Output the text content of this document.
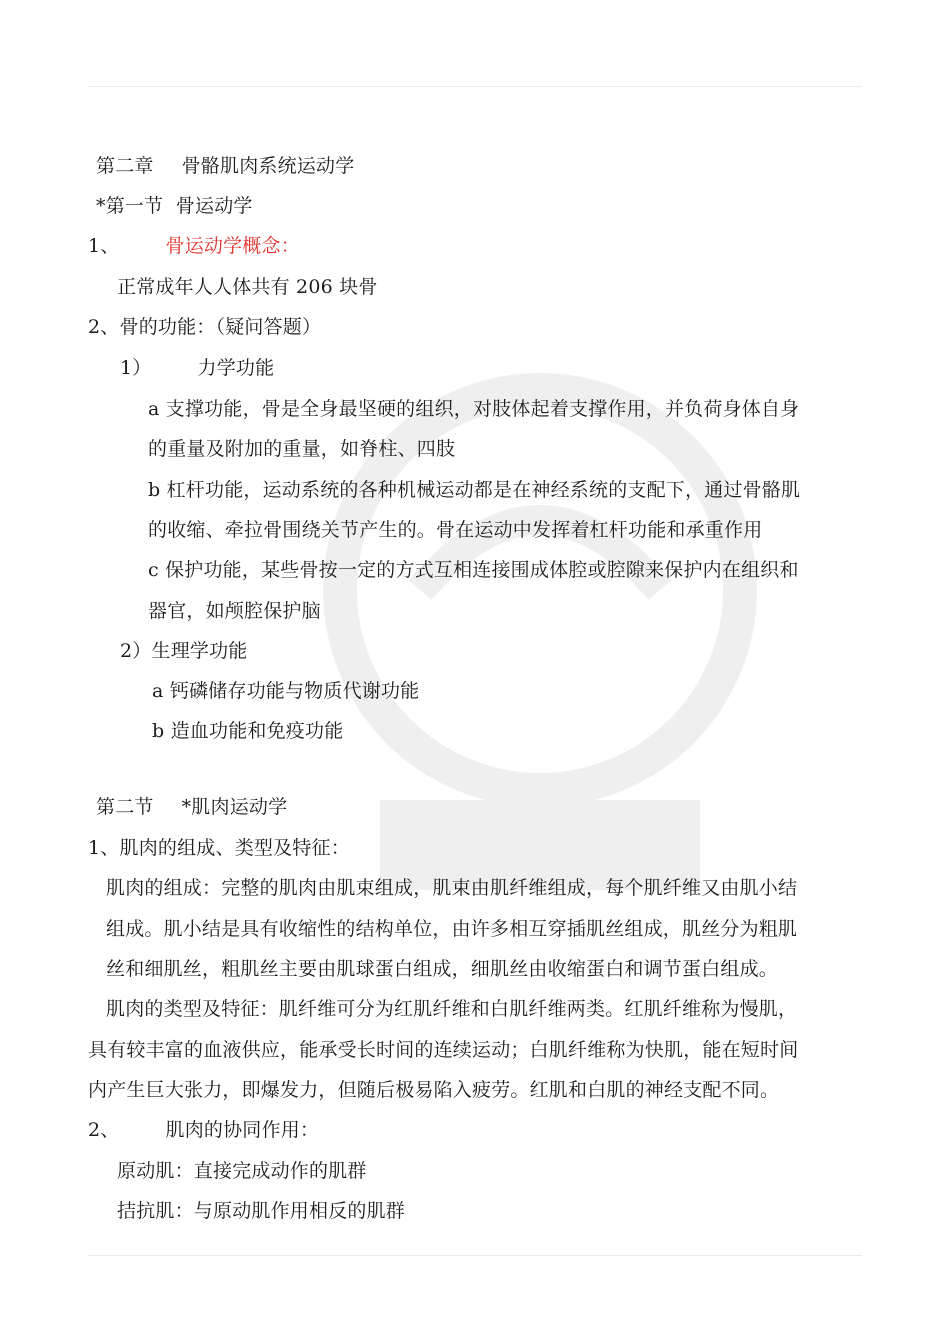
第二章 骨骼肌肉系统运动学
*第一节 骨运动学
1、 骨运动学概念：
正常成年人人体共有 206 块骨
2、骨的功能：（疑问答题）
1） 力学功能
a 支撑功能，骨是全身最坚硬的组织，对肢体起着支撑作用，并负荷身体自身
的重量及附加的重量，如脊柱、四肢
b 杠杆功能，运动系统的各种机械运动都是在神经系统的支配下，通过骨骼肌
的收缩、牵拉骨围绕关节产生的。骨在运动中发挥着杠杆功能和承重作用
c 保护功能，某些骨按一定的方式互相连接围成体腔或腔隙来保护内在组织和
器官，如颅腔保护脑
2）生理学功能
a 钙磷储存功能与物质代谢功能
b 造血功能和免疫功能
第二节 *肌肉运动学
1、肌肉的组成、类型及特征：
肌肉的组成：完整的肌肉由肌束组成，肌束由肌纤维组成，每个肌纤维又由肌小结
组成。肌小结是具有收缩性的结构单位，由许多相互穿插肌丝组成，肌丝分为粗肌
丝和细肌丝，粗肌丝主要由肌球蛋白组成，细肌丝由收缩蛋白和调节蛋白组成。
肌肉的类型及特征：肌纤维可分为红肌纤维和白肌纤维两类。红肌纤维称为慢肌，
具有较丰富的血液供应，能承受长时间的连续运动；白肌纤维称为快肌，能在短时间
内产生巨大张力，即爆发力，但随后极易陷入疲劳。红肌和白肌的神经支配不同。
2、 肌肉的协同作用：
原动肌：直接完成动作的肌群
拮抗肌：与原动肌作用相反的肌群
